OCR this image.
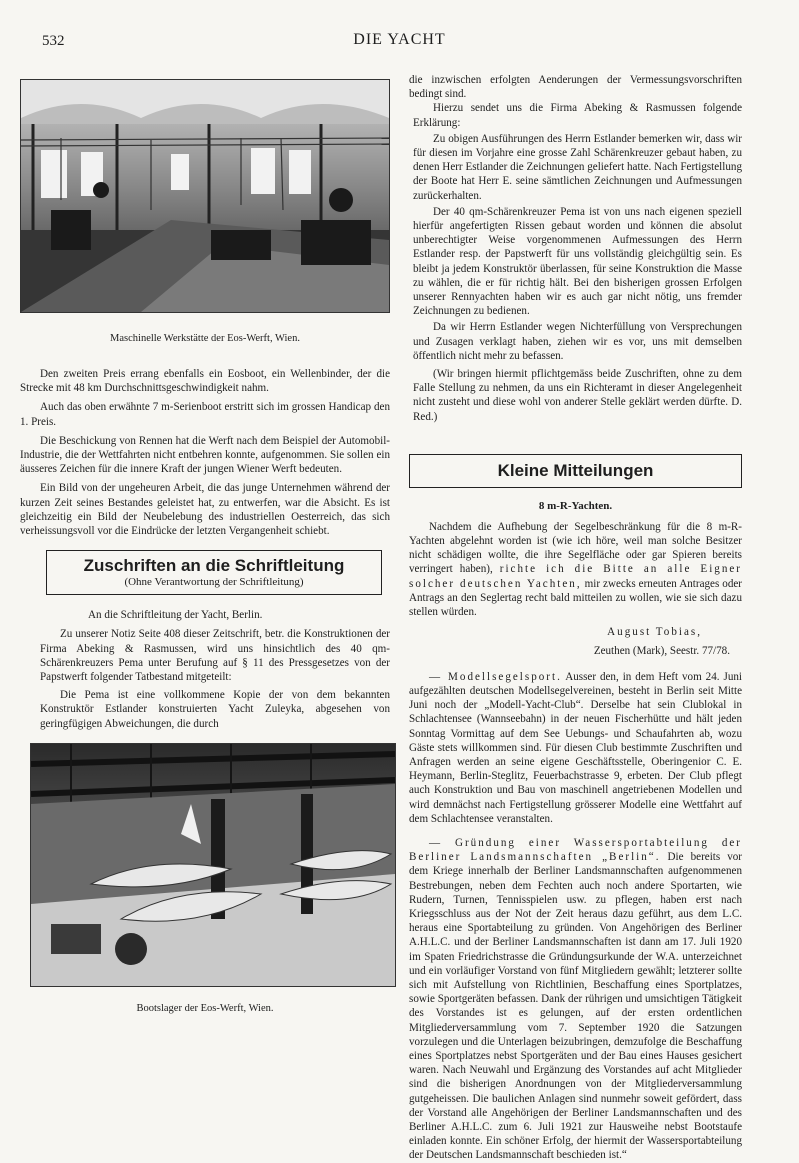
532	DIE YACHT
Maschinelle Werkstätte der Eos-Werft, Wien.

Den zweiten Preis errang ebenfalls ein Eosboot, ein Wellenbinder, der die Strecke mit 48 km Durchschnittsgeschwindigkeit nahm.

Auch das oben erwähnte 7 m-Serienboot erstritt sich im grossen Handicap den 1. Preis.

Die Beschickung von Rennen hat die Werft nach dem Beispiel der Automobil-Industrie, die der Wettfahrten nicht entbehren konnte, aufgenommen. Sie sollen ein äusseres Zeichen für die innere Kraft der jungen Wiener Werft bedeuten.

Ein Bild von der ungeheuren Arbeit, die das junge Unternehmen während der kurzen Zeit seines Bestandes geleistet hat, zu entwerfen, war die Absicht. Es ist gleichzeitig ein Bild der Neubelebung des industriellen Oesterreich, das sich verheissungsvoll vor die Eindrücke der letzten Vergangenheit schiebt.

Zuschriften an die Schriftleitung
(Ohne Verantwortung der Schriftleitung)

An die Schriftleitung der Yacht, Berlin.

Zu unserer Notiz Seite 408 dieser Zeitschrift, betr. die Konstruktionen der Firma Abeking & Rasmussen, wird uns hinsichtlich des 40 qm-Schärenkreuzers Pema unter Berufung auf § 11 des Pressgesetzes von der Papstwerft folgender Tatbestand mitgeteilt:

Die Pema ist eine vollkommene Kopie der von dem bekannten Konstruktör Estlander konstruierten Yacht Zuleyka, abgesehen von geringfügigen Abweichungen, die durch

Bootslager der Eos-Werft, Wien.

die inzwischen erfolgten Aenderungen der Vermessungsvorschriften bedingt sind.

Hierzu sendet uns die Firma Abeking & Rasmussen folgende Erklärung:

Zu obigen Ausführungen des Herrn Estlander bemerken wir, dass wir für diesen im Vorjahre eine grosse Zahl Schärenkreuzer gebaut haben, zu denen Herr Estlander die Zeichnungen geliefert hatte. Nach Fertigstellung der Boote hat Herr E. seine sämtlichen Zeichnungen und Aufmessungen zurückerhalten.

Der 40 qm-Schärenkreuzer Pema ist von uns nach eigenen speziell hierfür angefertigten Rissen gebaut worden und können die absolut unberechtigter Weise vorgenommenen Aufmessungen des Herrn Estlander resp. der Papstwerft für uns vollständig gleichgültig sein. Es bleibt ja jedem Konstruktör überlassen, für seine Konstruktion die Masse zu wählen, die er für richtig hält. Bei den bisherigen grossen Erfolgen unserer Rennyachten haben wir es auch gar nicht nötig, uns fremder Zeichnungen zu bedienen.

Da wir Herrn Estlander wegen Nichterfüllung von Versprechungen und Zusagen verklagt haben, ziehen wir es vor, uns mit demselben öffentlich nicht mehr zu befassen.

(Wir bringen hiermit pflichtgemäss beide Zuschriften, ohne zu dem Falle Stellung zu nehmen, da uns ein Richteramt in dieser Angelegenheit nicht zusteht und diese wohl von anderer Stelle geklärt werden dürfte. D. Red.)

Kleine Mitteilungen
8 m-R-Yachten.

Nachdem die Aufhebung der Segelbeschränkung für die 8 m-R-Yachten abgelehnt worden ist (wie ich höre, weil man solche Besitzer nicht schädigen wollte, die ihre Segelfläche oder gar Spieren bereits verringert haben), richte ich die Bitte an alle Eigner solcher deutschen Yachten, mir zwecks erneuten Antrages oder Antrags an den Seglertag recht bald mitteilen zu wollen, wie sie sich dazu stellen würden.

August Tobias,

Zeuthen (Mark), Seestr. 77/78.

— Modellsegelsport. Ausser den, in dem Heft vom 24. Juni aufgezählten deutschen Modellsegelvereinen, besteht in Berlin seit Mitte Juni noch der „Modell-Yacht-Club“. Derselbe hat sein Clublokal in Schlachtensee (Wannseebahn) in der neuen Fischerhütte und hält jeden Sonntag Vormittag auf dem See Uebungs- und Schaufahrten ab, wozu Gäste stets willkommen sind. Für diesen Club bestimmte Zuschriften und Anfragen werden an seine eigene Geschäftsstelle, Oberingenior C. E. Heymann, Berlin-Steglitz, Feuerbachstrasse 9, erbeten. Der Club pflegt auch Konstruktion und Bau von maschinell angetriebenen Modellen und wird demnächst nach Fertigstellung grösserer Modelle eine Wettfahrt auf dem Schlachtensee veranstalten.

— Gründung einer Wassersportabteilung der Berliner Landsmannschaften „Berlin“. Die bereits vor dem Kriege innerhalb der Berliner Landsmannschaften aufgenommenen Bestrebungen, neben dem Fechten auch noch andere Sportarten, wie Rudern, Turnen, Tennisspielen usw. zu pflegen, haben erst nach Kriegsschluss aus der Not der Zeit heraus dazu geführt, aus dem L.C. heraus eine Sportabteilung zu gründen. Von Angehörigen des Berliner A.H.L.C. und der Berliner Landsmannschaften ist dann am 17. Juli 1920 im Spaten Friedrichstrasse die Gründungsurkunde der W.A. unterzeichnet und ein vorläufiger Vorstand von fünf Mitgliedern gewählt; letzterer sollte sich mit Aufstellung von Richtlinien, Beschaffung eines Sportplatzes, sowie Sportgeräten befassen. Dank der rührigen und umsichtigen Tätigkeit des Vorstandes ist es gelungen, auf der ersten ordentlichen Mitgliederversammlung vom 7. September 1920 die Satzungen vorzulegen und die Unterlagen beizubringen, demzufolge die Beschaffung eines Sportplatzes nebst Sportgeräten und der Bau eines Hauses gesichert waren. Nach Neuwahl und Ergänzung des Vorstandes auf acht Mitglieder sind die bisherigen Anordnungen von der Mitgliederversammlung gutgeheissen. Die baulichen Anlagen sind nunmehr soweit gefördert, dass der Vorstand alle Angehörigen der Berliner Landsmannschaften und des Berliner A.H.L.C. zum 6. Juli 1921 zur Hausweihe nebst Bootstaufe einladen konnte. Ein schöner Erfolg, der hiermit der Wassersportabteilung der Deutschen Landsmannschaft beschieden ist.“
